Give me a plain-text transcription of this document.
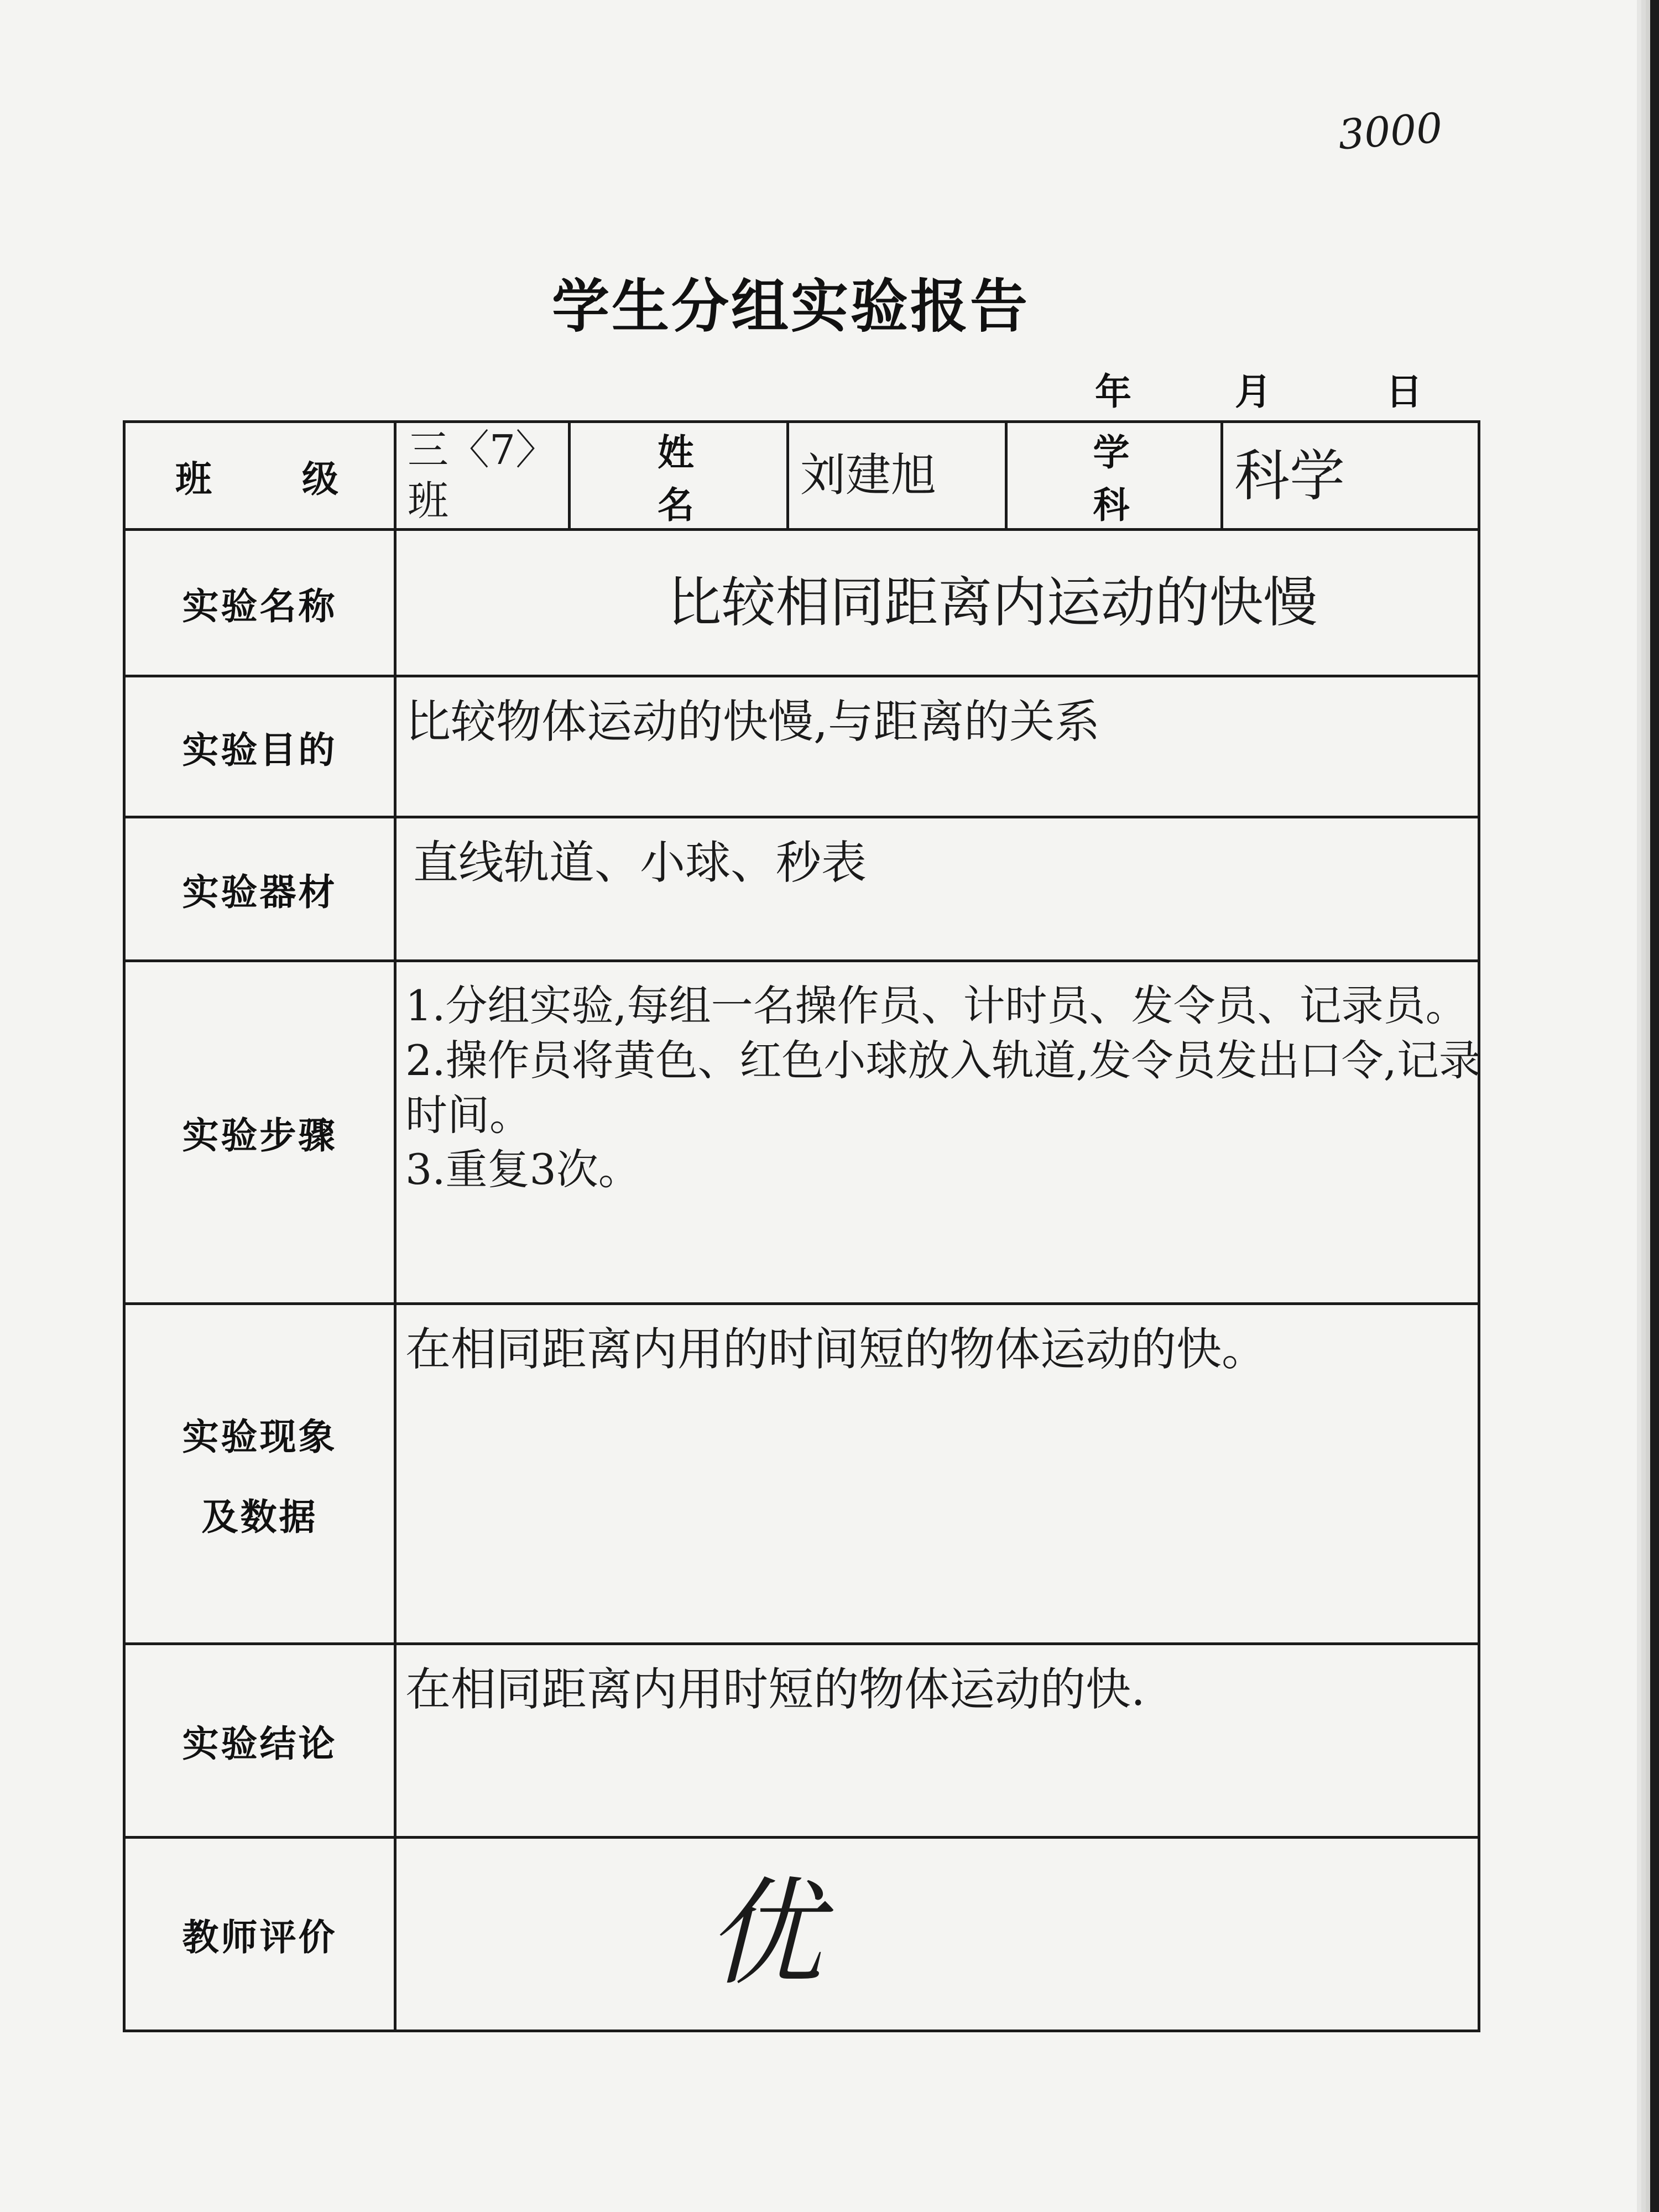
3000
学生分组实验报告
年	月	日
班 级	三〈7〉班	姓 名	刘建旭	学 科	科学
实验名称	比较相同距离内运动的快慢				
实验目的	比较物体运动的快慢,与距离的关系				
实验器材	直线轨道、小球、秒表				
实验步骤	1.分组实验,每组一名操作员、计时员、发令员、记录员。
2.操作员将黄色、红色小球放入轨道,发令员发出口令,记录
时间。
3.重复3次。				

实验现象
及数据	在相同距离内用的时间短的物体运动的快。				
实验结论	在相同距离内用时短的物体运动的快.				
教师评价	优				
